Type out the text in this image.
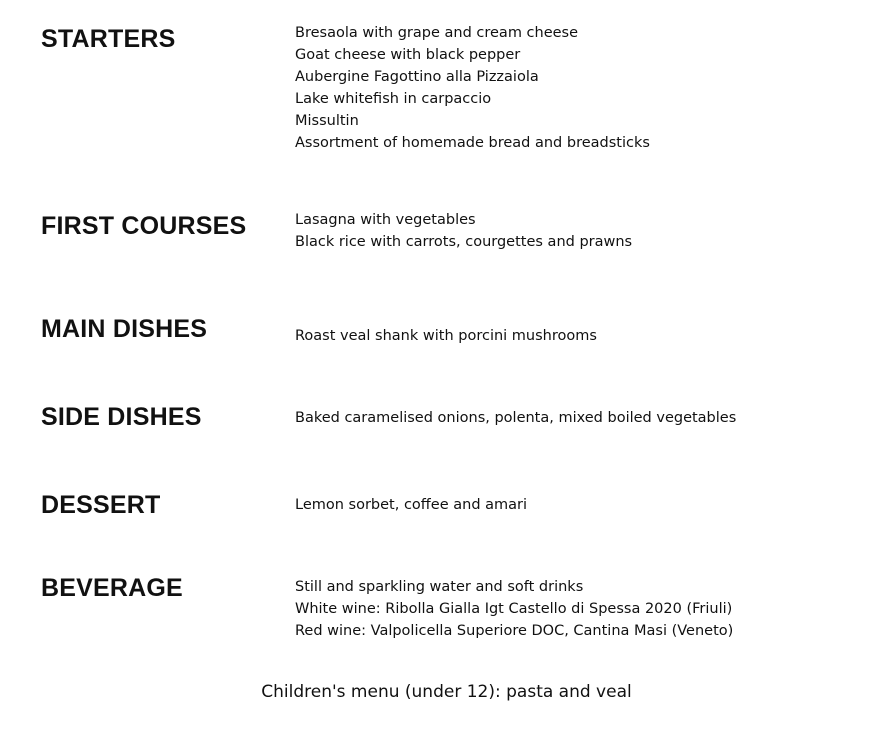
STARTERS	Bresaola with grape and cream cheese
Goat cheese with black pepper
Aubergine Fagottino alla Pizzaiola
Lake whitefish in carpaccio
Missultin
Assortment of homemade bread and breadsticks
FIRST COURSES	Lasagna with vegetables
Black rice with carrots, courgettes and prawns
MAIN DISHES	Roast veal shank with porcini mushrooms
SIDE DISHES	Baked caramelised onions, polenta, mixed boiled vegetables
DESSERT	Lemon sorbet, coffee and amari
BEVERAGE	Still and sparkling water and soft drinks
White wine: Ribolla Gialla Igt Castello di Spessa 2020 (Friuli)
Red wine: Valpolicella Superiore DOC, Cantina Masi (Veneto)
Children's menu (under 12): pasta and veal
